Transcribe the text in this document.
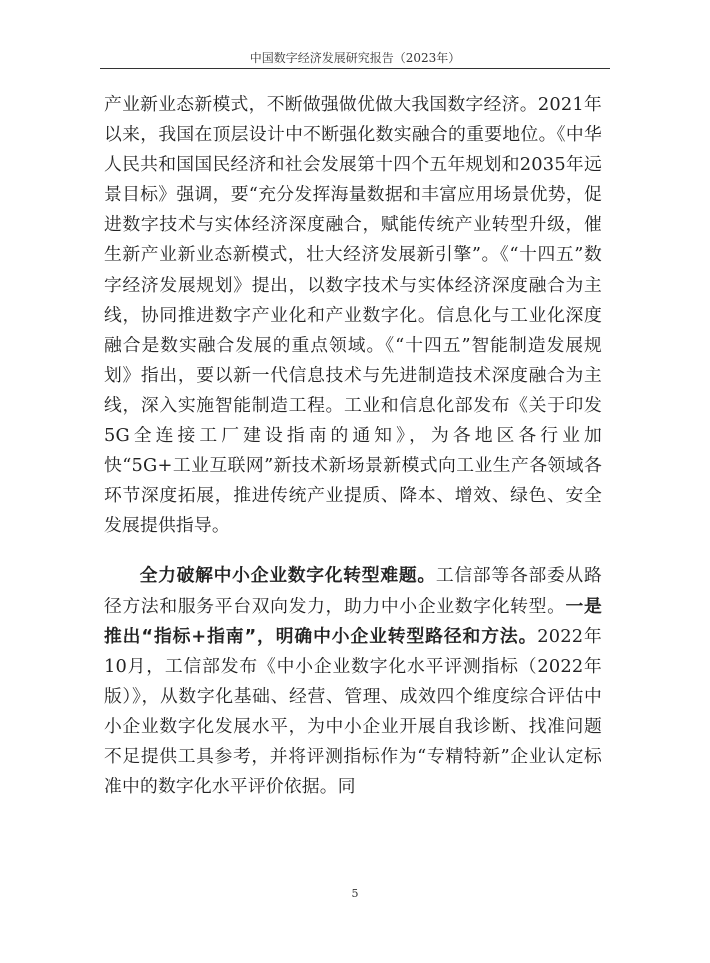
中国数字经济发展研究报告（2023年）

产业新业态新模式，不断做强做优做大我国数字经济。2021年以来，我国在顶层设计中不断强化数实融合的重要地位。《中华人民共和国国民经济和社会发展第十四个五年规划和2035年远景目标》强调，要“充分发挥海量数据和丰富应用场景优势，促进数字技术与实体经济深度融合，赋能传统产业转型升级，催生新产业新业态新模式，壮大经济发展新引擎”。《“十四五”数字经济发展规划》提出，以数字技术与实体经济深度融合为主线，协同推进数字产业化和产业数字化。信息化与工业化深度融合是数实融合发展的重点领域。《“十四五”智能制造发展规划》指出，要以新一代信息技术与先进制造技术深度融合为主线，深入实施智能制造工程。工业和信息化部发布《关于印发5G全连接工厂建设指南的通知》，为各地区各行业加快“5G+工业互联网”新技术新场景新模式向工业生产各领域各环节深度拓展，推进传统产业提质、降本、增效、绿色、安全发展提供指导。

全力破解中小企业数字化转型难题。工信部等各部委从路径方法和服务平台双向发力，助力中小企业数字化转型。一是推出“指标+指南”，明确中小企业转型路径和方法。2022年10月，工信部发布《中小企业数字化水平评测指标（2022年版）》，从数字化基础、经营、管理、成效四个维度综合评估中小企业数字化发展水平，为中小企业开展自我诊断、找准问题不足提供工具参考，并将评测指标作为“专精特新”企业认定标准中的数字化水平评价依据。同

5
